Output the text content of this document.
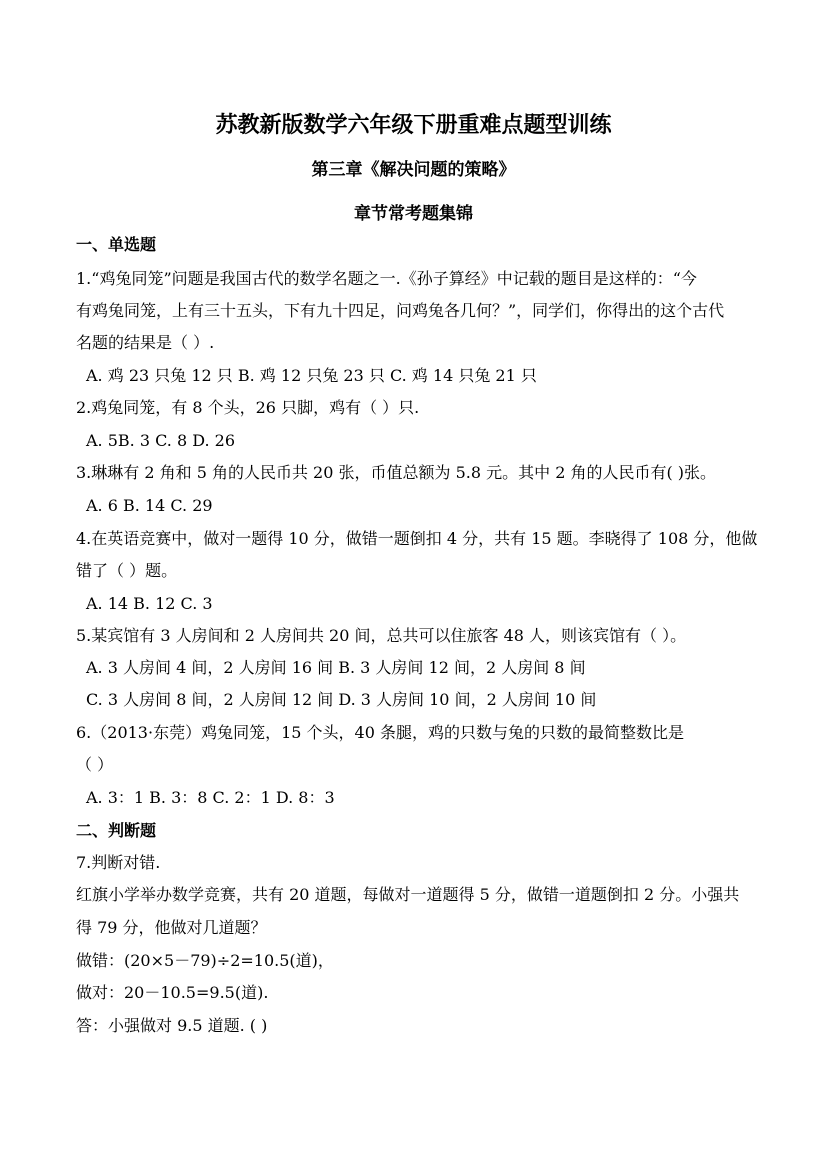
苏教新版数学六年级下册重难点题型训练
第三章《解决问题的策略》
章节常考题集锦
一、单选题
1.“鸡兔同笼”问题是我国古代的数学名题之一.《孙子算经》中记载的题目是这样的：“今
有鸡兔同笼，上有三十五头，下有九十四足，问鸡兔各几何？”，同学们，你得出的这个古代
名题的结果是（ ）.
A. 鸡 23 只兔 12 只 B. 鸡 12 只兔 23 只 C. 鸡 14 只兔 21 只
2.鸡兔同笼，有 8 个头，26 只脚，鸡有（ ）只.
A. 5B. 3 C. 8 D. 26
3.琳琳有 2 角和 5 角的人民币共 20 张，币值总额为 5.8 元。其中 2 角的人民币有( )张。
A. 6 B. 14 C. 29
4.在英语竞赛中，做对一题得 10 分，做错一题倒扣 4 分，共有 15 题。李晓得了 108 分，他做
错了（ ）题。
A. 14 B. 12 C. 3
5.某宾馆有 3 人房间和 2 人房间共 20 间，总共可以住旅客 48 人，则该宾馆有（ ）。
A. 3 人房间 4 间，2 人房间 16 间 B. 3 人房间 12 间，2 人房间 8 间
C. 3 人房间 8 间，2 人房间 12 间 D. 3 人房间 10 间，2 人房间 10 间
6.（2013·东莞）鸡兔同笼，15 个头，40 条腿，鸡的只数与兔的只数的最简整数比是
（ ）
A. 3：1 B. 3：8 C. 2：1 D. 8：3
二、判断题
7.判断对错.
红旗小学举办数学竞赛，共有 20 道题，每做对一道题得 5 分，做错一道题倒扣 2 分。小强共
得 79 分，他做对几道题？
做错：(20×5－79)÷2=10.5(道)，
做对：20－10.5=9.5(道).
答：小强做对 9.5 道题. ( )
